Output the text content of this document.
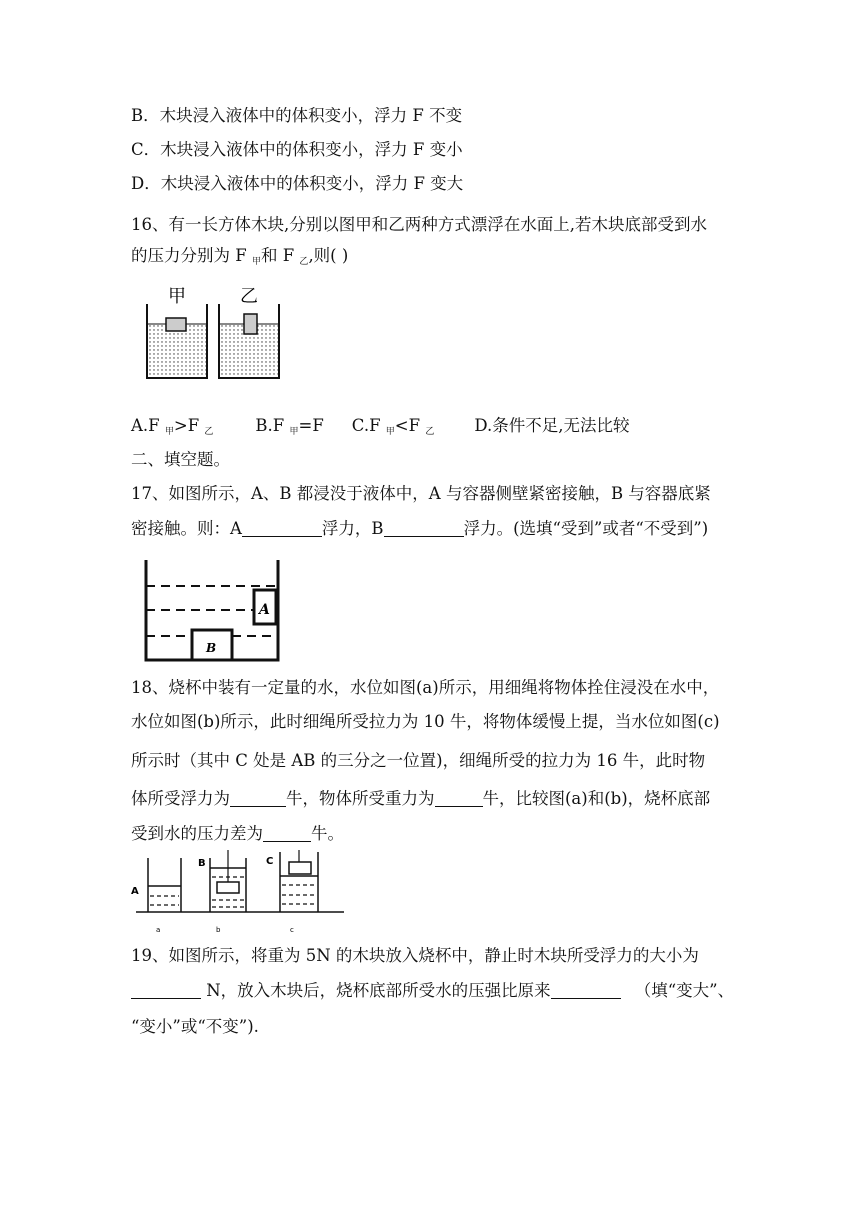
B．木块浸入液体中的体积变小，浮力 F 不变
C．木块浸入液体中的体积变小，浮力 F 变小
D．木块浸入液体中的体积变小，浮力 F 变大
16、有一长方体木块,分别以图甲和乙两种方式漂浮在水面上,若木块底部受到水
的压力分别为 F $_甲$和 F $_乙$,则( )
甲	乙
A.F $_甲$>F $_乙$	B.F $_甲$=F C.F $_甲$<F $_乙$ D.条件不足,无法比较
二、填空题。
17、如图所示，A、B 都浸没于液体中，A 与容器侧壁紧密接触，B 与容器底紧
密接触。则：A	浮力，B	浮力。(选填“受到”或者“不受到”)
A
B
18、烧杯中装有一定量的水，水位如图(a)所示，用细绳将物体拴住浸没在水中，
水位如图(b)所示，此时细绳所受拉力为 10 牛，将物体缓慢上提，当水位如图(c)
所示时（其中 C 处是 AB 的三分之一位置)，细绳所受的拉力为 16 牛，此时物
体所受浮力为	牛，物体所受重力为	牛，比较图(a)和(b)，烧杯底部
受到水的压力差为	牛。
A
B	C
a	b	c
19、如图所示，将重为 5N 的木块放入烧杯中，静止时木块所受浮力的大小为
N，放入木块后，烧杯底部所受水的压强比原来	（填“变大”、
“变小”或“不变”).
